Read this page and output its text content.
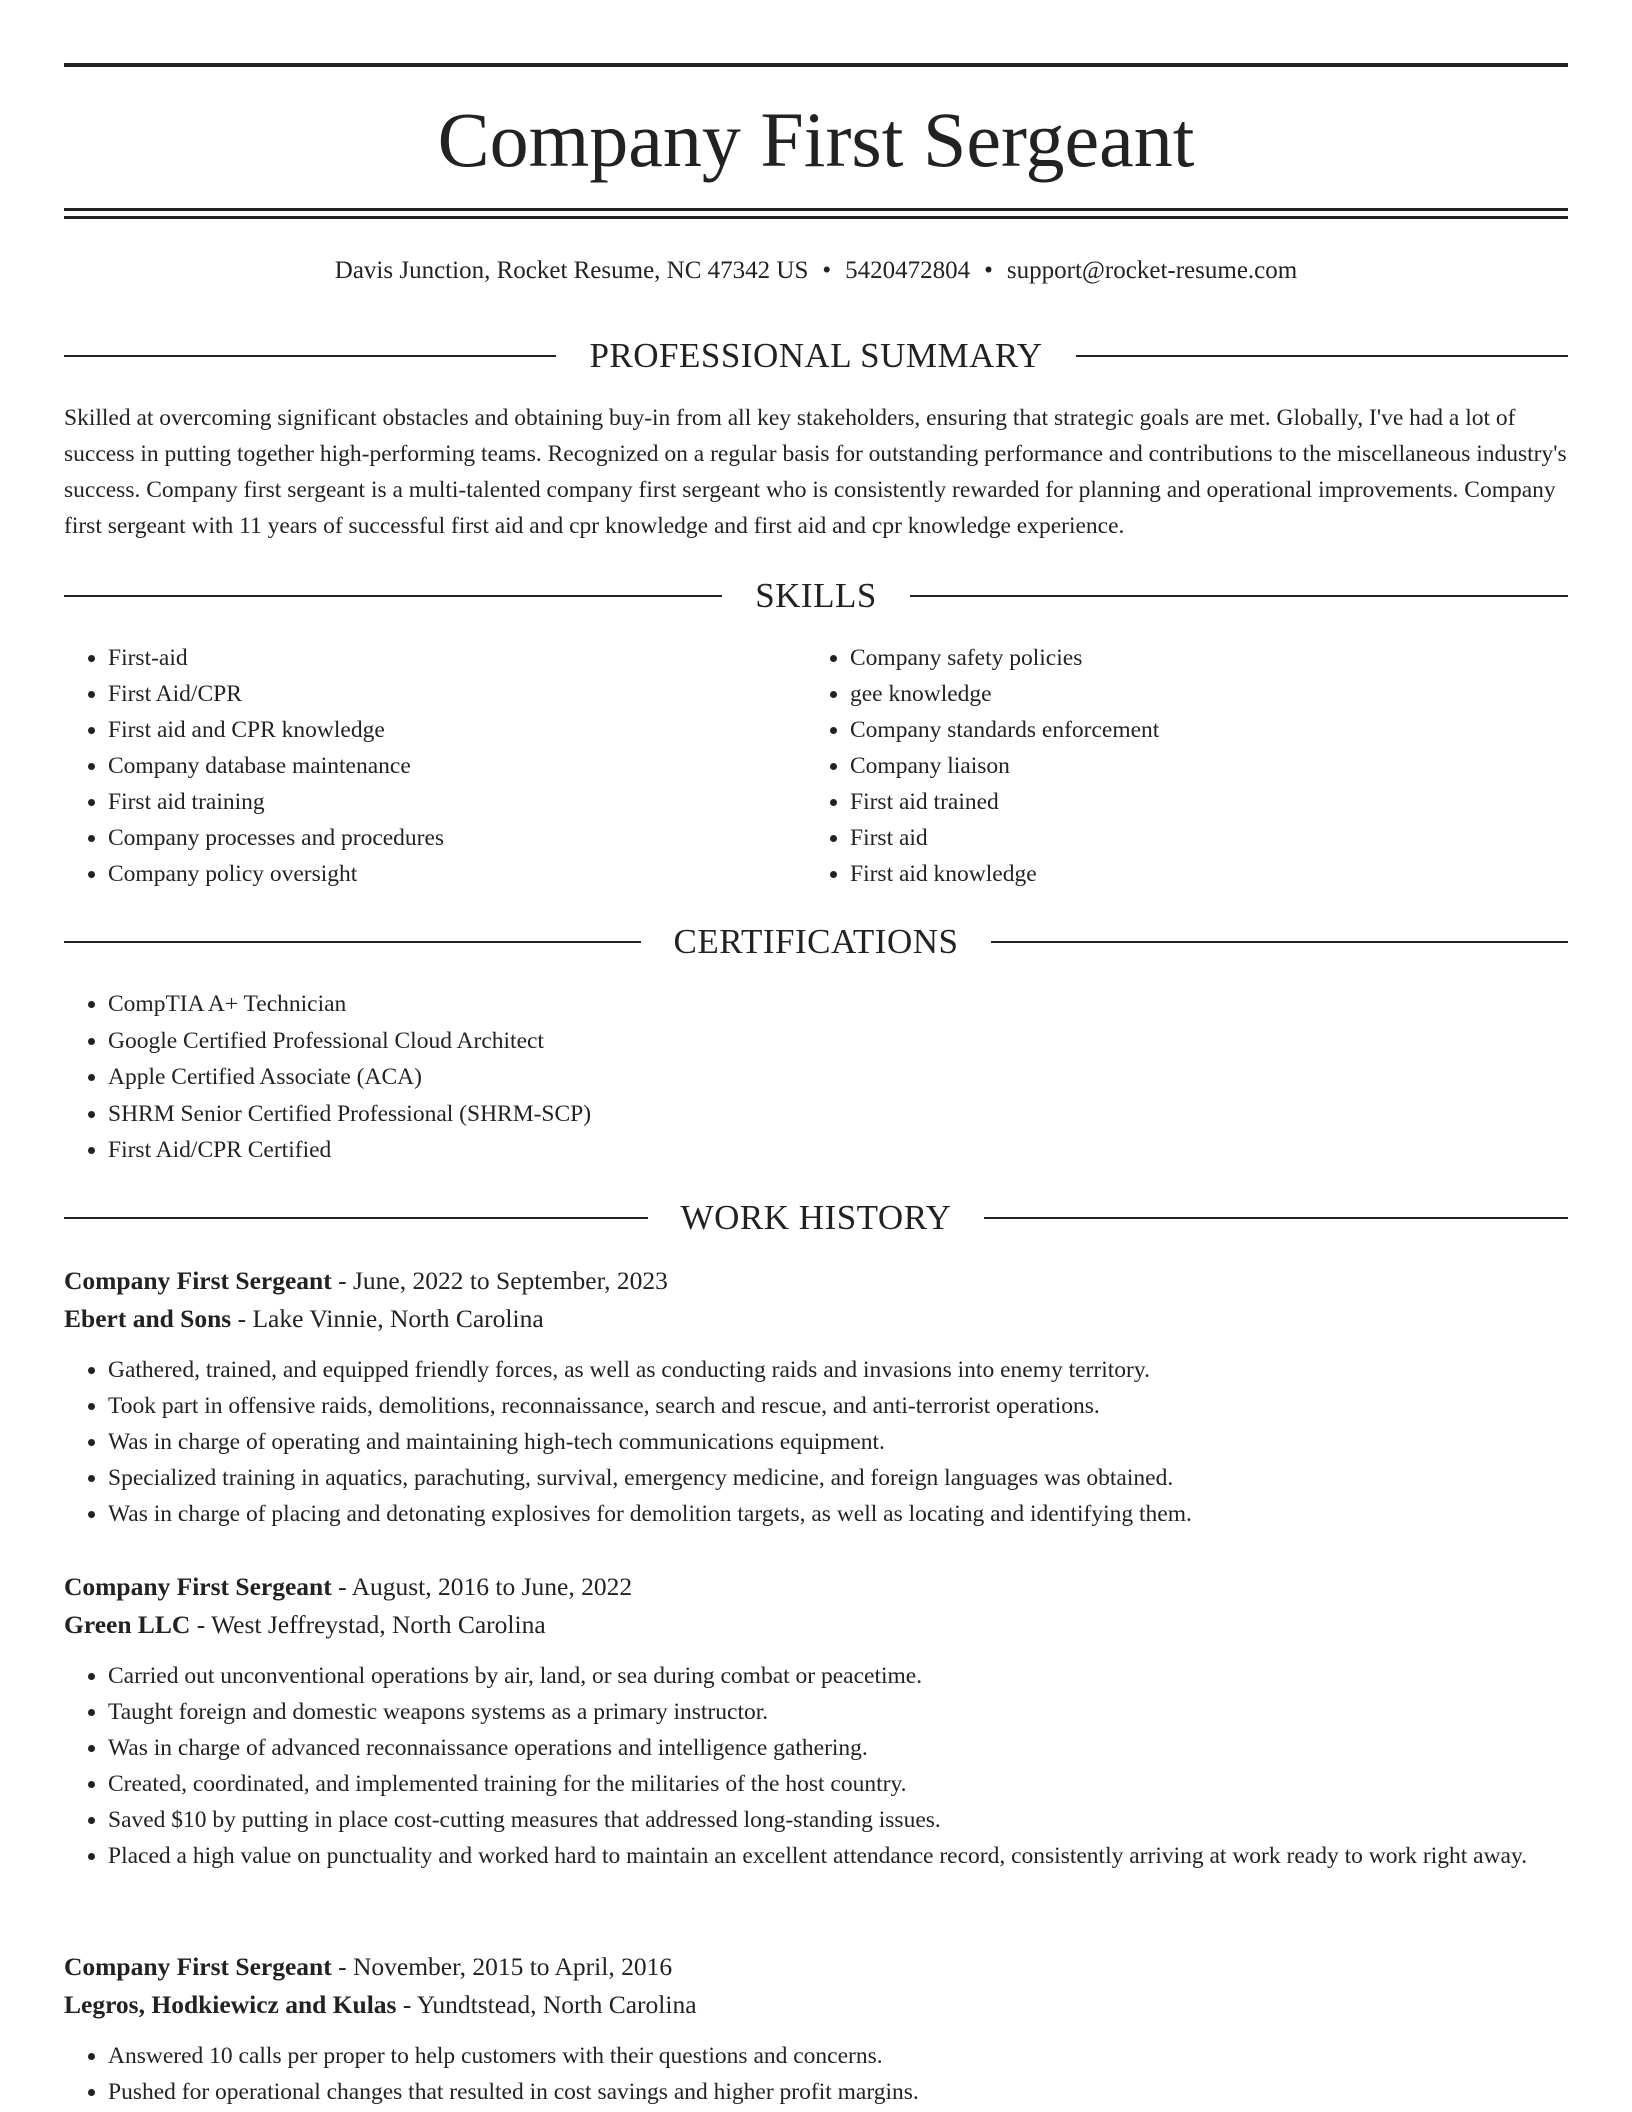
Company First Sergeant
Davis Junction, Rocket Resume, NC 47342 US • 5420472804 • support@rocket-resume.com
PROFESSIONAL SUMMARY

Skilled at overcoming significant obstacles and obtaining buy-in from all key stakeholders, ensuring that strategic goals are met. Globally, I've had a lot of success in putting together high-performing teams. Recognized on a regular basis for outstanding performance and contributions to the miscellaneous industry's success. Company first sergeant is a multi-talented company first sergeant who is consistently rewarded for planning and operational improvements. Company first sergeant with 11 years of successful first aid and cpr knowledge and first aid and cpr knowledge experience.

SKILLS
• First-aid
• First Aid/CPR
• First aid and CPR knowledge
• Company database maintenance
• First aid training
• Company processes and procedures
• Company policy oversight
• Company safety policies
• gee knowledge
• Company standards enforcement
• Company liaison
• First aid trained
• First aid
• First aid knowledge
CERTIFICATIONS
• CompTIA A+ Technician
• Google Certified Professional Cloud Architect
• Apple Certified Associate (ACA)
• SHRM Senior Certified Professional (SHRM-SCP)
• First Aid/CPR Certified
WORK HISTORY
Company First Sergeant - June, 2022 to September, 2023
Ebert and Sons - Lake Vinnie, North Carolina
• Gathered, trained, and equipped friendly forces, as well as conducting raids and invasions into enemy territory.
• Took part in offensive raids, demolitions, reconnaissance, search and rescue, and anti-terrorist operations.
• Was in charge of operating and maintaining high-tech communications equipment.
• Specialized training in aquatics, parachuting, survival, emergency medicine, and foreign languages was obtained.
• Was in charge of placing and detonating explosives for demolition targets, as well as locating and identifying them.
Company First Sergeant - August, 2016 to June, 2022
Green LLC - West Jeffreystad, North Carolina
• Carried out unconventional operations by air, land, or sea during combat or peacetime.
• Taught foreign and domestic weapons systems as a primary instructor.
• Was in charge of advanced reconnaissance operations and intelligence gathering.
• Created, coordinated, and implemented training for the militaries of the host country.
• Saved $10 by putting in place cost-cutting measures that addressed long-standing issues.
• Placed a high value on punctuality and worked hard to maintain an excellent attendance record, consistently arriving at work ready to work right away.
Company First Sergeant - November, 2015 to April, 2016
Legros, Hodkiewicz and Kulas - Yundtstead, North Carolina
• Answered 10 calls per proper to help customers with their questions and concerns.
• Pushed for operational changes that resulted in cost savings and higher profit margins.
